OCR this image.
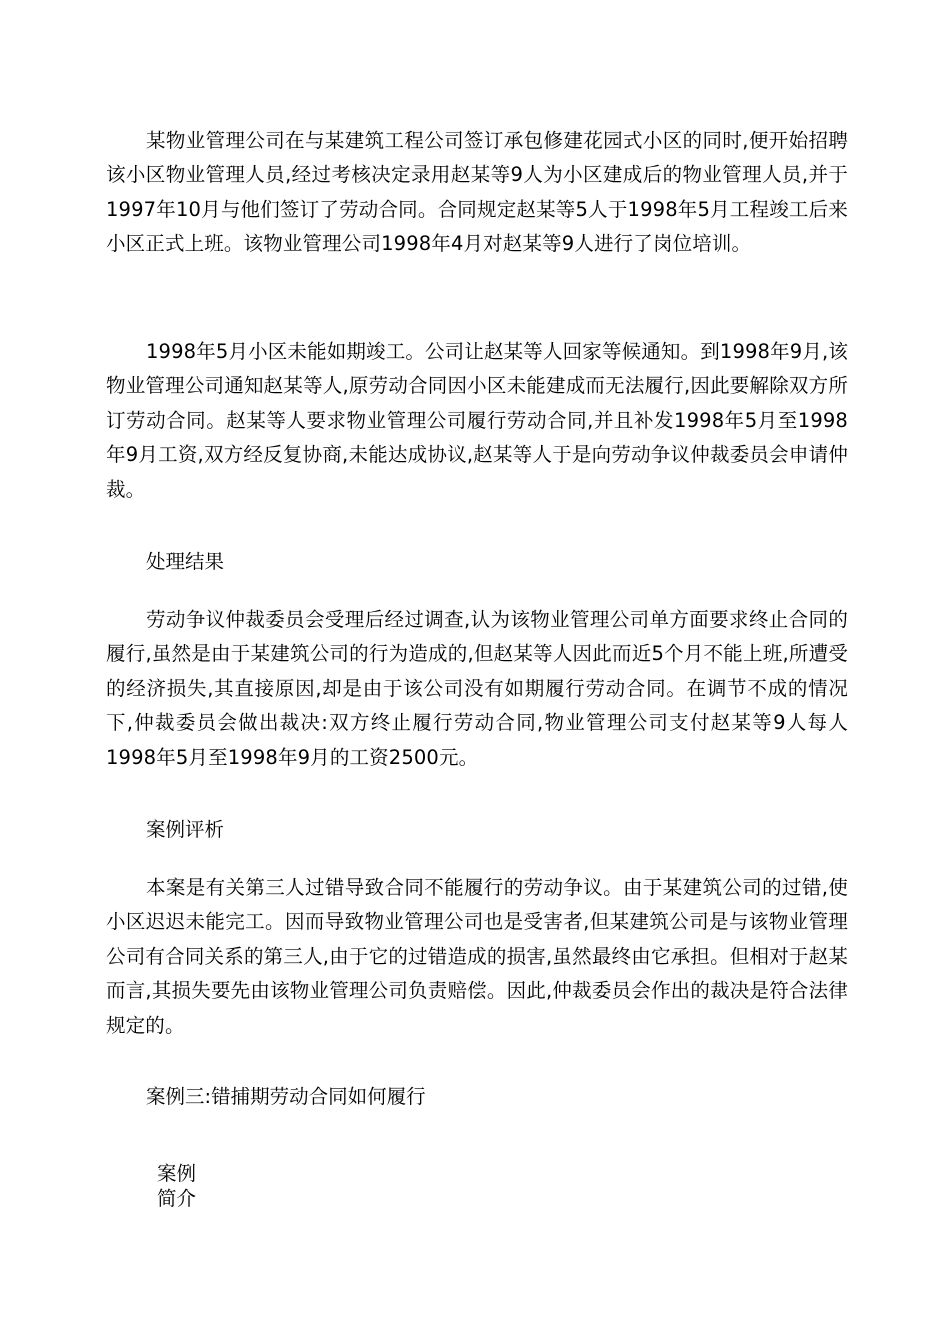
某物业管理公司在与某建筑工程公司签订承包修建花园式小区的同时,便开始招聘该小区物业管理人员,经过考核决定录用赵某等9人为小区建成后的物业管理人员,并于1997年10月与他们签订了劳动合同。合同规定赵某等5人于1998年5月工程竣工后来小区正式上班。该物业管理公司1998年4月对赵某等9人进行了岗位培训。

1998年5月小区未能如期竣工。公司让赵某等人回家等候通知。到1998年9月,该物业管理公司通知赵某等人,原劳动合同因小区未能建成而无法履行,因此要解除双方所订劳动合同。赵某等人要求物业管理公司履行劳动合同,并且补发1998年5月至1998年9月工资,双方经反复协商,未能达成协议,赵某等人于是向劳动争议仲裁委员会申请仲裁。

处理结果

劳动争议仲裁委员会受理后经过调查,认为该物业管理公司单方面要求终止合同的履行,虽然是由于某建筑公司的行为造成的,但赵某等人因此而近5个月不能上班,所遭受的经济损失,其直接原因,却是由于该公司没有如期履行劳动合同。在调节不成的情况下,仲裁委员会做出裁决:双方终止履行劳动合同,物业管理公司支付赵某等9人每人1998年5月至1998年9月的工资2500元。

案例评析

本案是有关第三人过错导致合同不能履行的劳动争议。由于某建筑公司的过错,使小区迟迟未能完工。因而导致物业管理公司也是受害者,但某建筑公司是与该物业管理公司有合同关系的第三人,由于它的过错造成的损害,虽然最终由它承担。但相对于赵某而言,其损失要先由该物业管理公司负责赔偿。因此,仲裁委员会作出的裁决是符合法律规定的。

案例三:错捕期劳动合同如何履行

案例简介
